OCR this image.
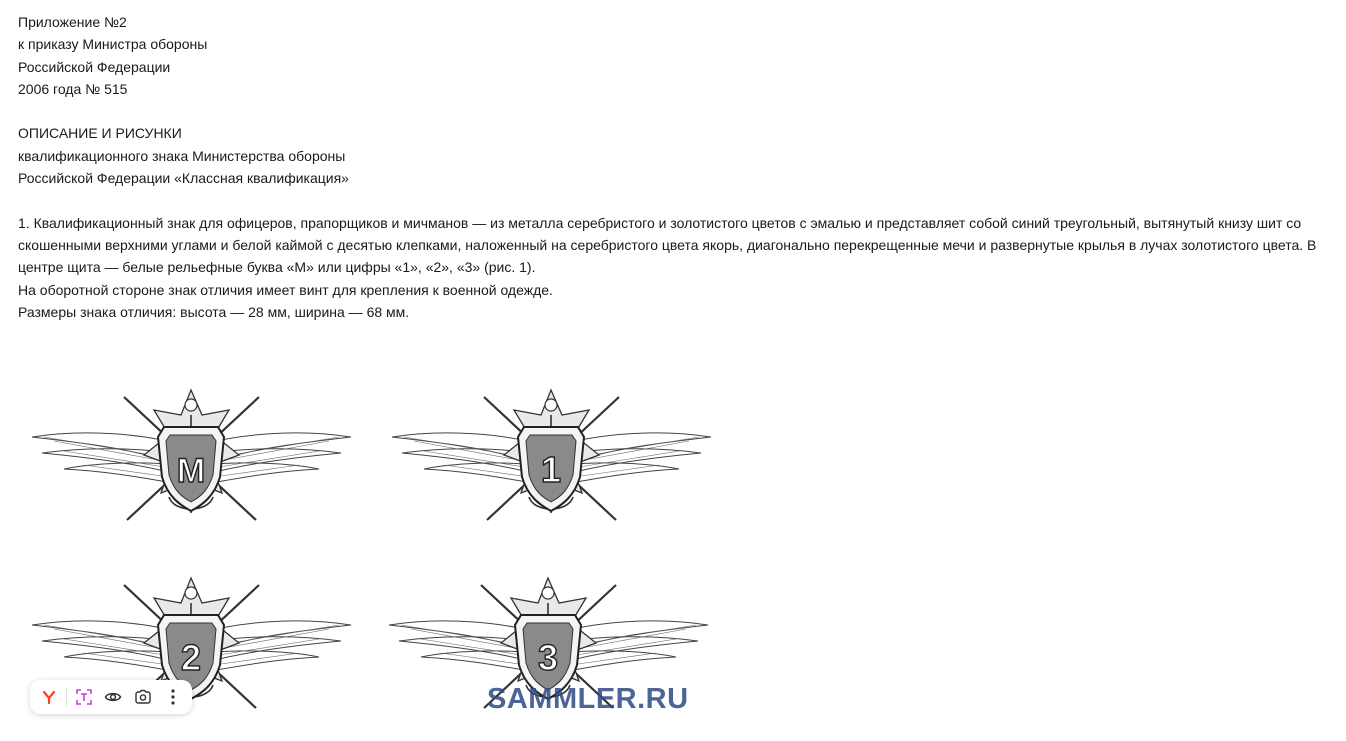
Приложение №2
к приказу Министра обороны
Российской Федерации
2006 года № 515
ОПИСАНИЕ И РИСУНКИ
квалификационного знака Министерства обороны
Российской Федерации «Классная квалификация»
1. Квалификационный знак для офицеров, прапорщиков и мичманов — из металла серебристого и золотистого цветов с эмалью и представляет собой синий треугольный, вытянутый книзу шит со скошенными верхними углами и белой каймой с десятью клепками, наложенный на серебристого цвета якорь, диагонально перекрещенные мечи и развернутые крылья в лучах золотистого цвета. В центре щита — белые рельефные буква «М» или цифры «1», «2», «3» (рис. 1).
На оборотной стороне знак отличия имеет винт для крепления к военной одежде.
Размеры знака отличия: высота — 28 мм, ширина — 68 мм.
М	1
2	3
SAMMLER.RU
